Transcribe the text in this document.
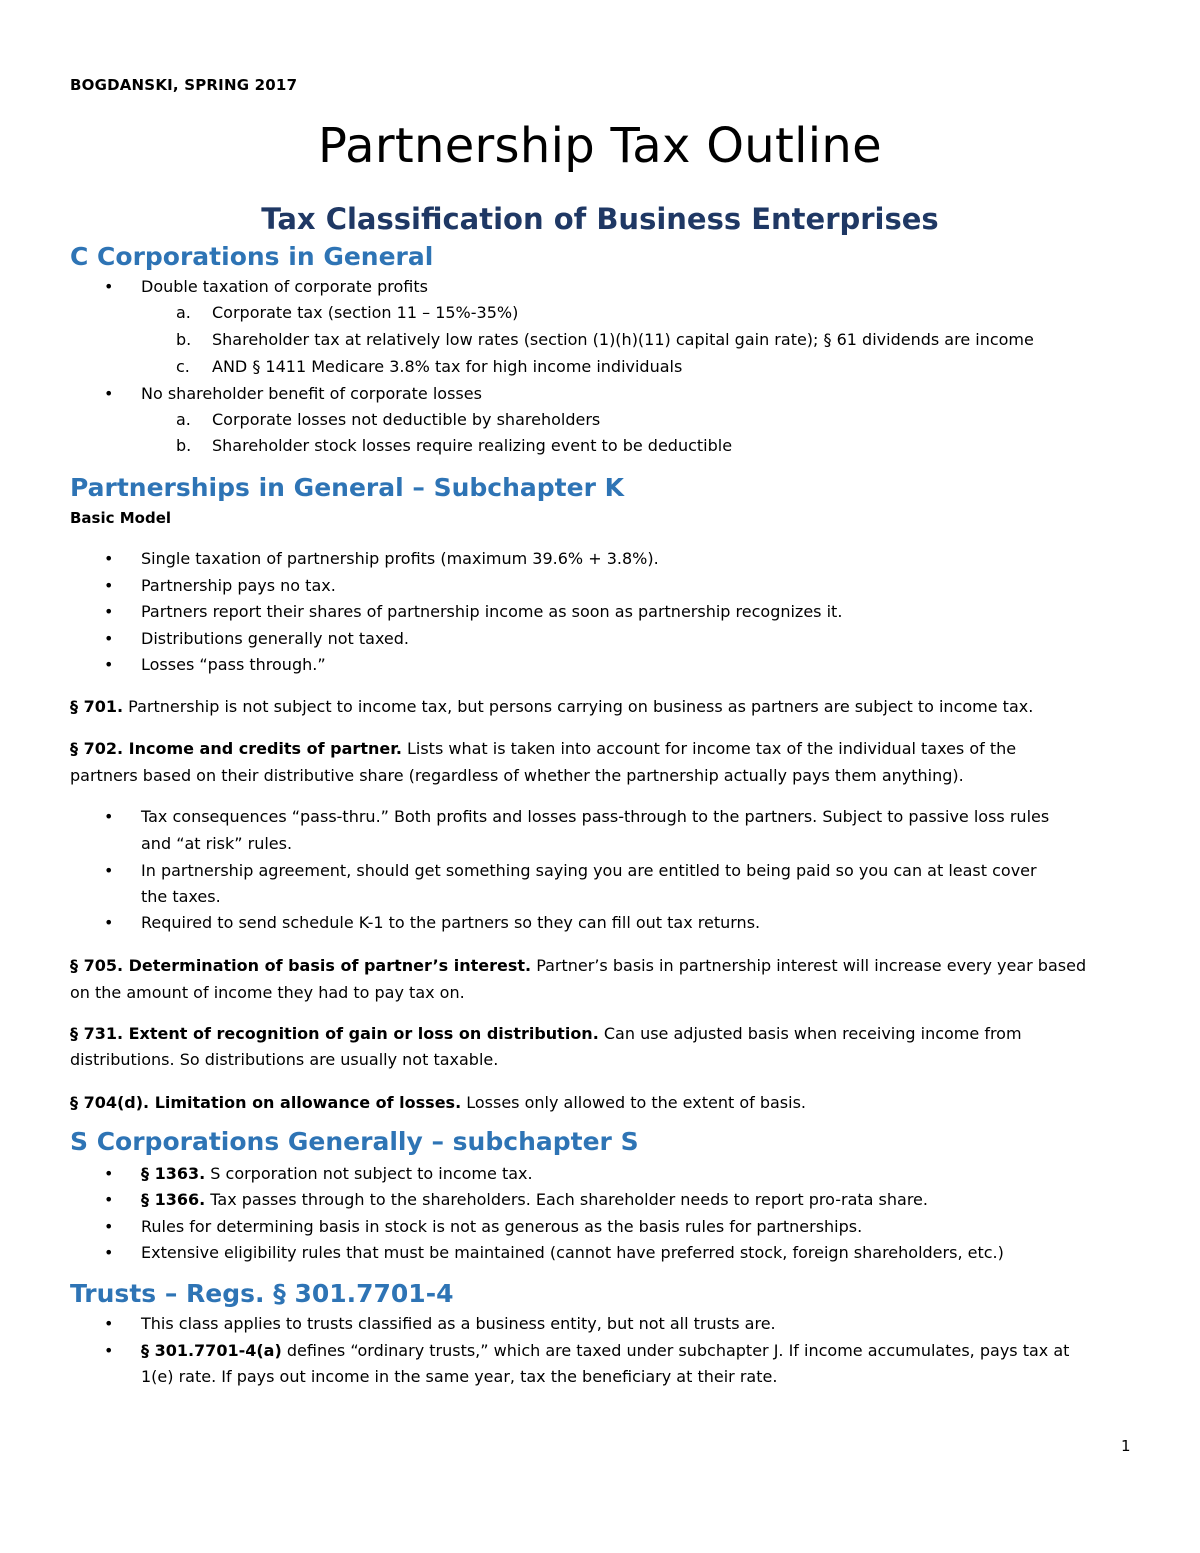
BOGDANSKI, SPRING 2017
Partnership Tax Outline
Tax Classification of Business Enterprises
C Corporations in General
Double taxation of corporate profits
a. Corporate tax (section 11 – 15%-35%)
b. Shareholder tax at relatively low rates (section (1)(h)(11) capital gain rate); § 61 dividends are income
c. AND § 1411 Medicare 3.8% tax for high income individuals
No shareholder benefit of corporate losses
a. Corporate losses not deductible by shareholders
b. Shareholder stock losses require realizing event to be deductible
Partnerships in General – Subchapter K
Basic Model
Single taxation of partnership profits (maximum 39.6% + 3.8%).
Partnership pays no tax.
Partners report their shares of partnership income as soon as partnership recognizes it.
Distributions generally not taxed.
Losses “pass through.”
§ 701. Partnership is not subject to income tax, but persons carrying on business as partners are subject to income tax.
§ 702. Income and credits of partner. Lists what is taken into account for income tax of the individual taxes of the
partners based on their distributive share (regardless of whether the partnership actually pays them anything).
Tax consequences “pass-thru.” Both profits and losses pass-through to the partners. Subject to passive loss rules
and “at risk” rules.
In partnership agreement, should get something saying you are entitled to being paid so you can at least cover
the taxes.
Required to send schedule K-1 to the partners so they can fill out tax returns.
§ 705. Determination of basis of partner’s interest. Partner’s basis in partnership interest will increase every year based
on the amount of income they had to pay tax on.
§ 731. Extent of recognition of gain or loss on distribution. Can use adjusted basis when receiving income from
distributions. So distributions are usually not taxable.
§ 704(d). Limitation on allowance of losses. Losses only allowed to the extent of basis.
S Corporations Generally – subchapter S
§ 1363. S corporation not subject to income tax.
§ 1366. Tax passes through to the shareholders. Each shareholder needs to report pro-rata share.
Rules for determining basis in stock is not as generous as the basis rules for partnerships.
Extensive eligibility rules that must be maintained (cannot have preferred stock, foreign shareholders, etc.)
Trusts – Regs. § 301.7701-4
This class applies to trusts classified as a business entity, but not all trusts are.
§ 301.7701-4(a) defines “ordinary trusts,” which are taxed under subchapter J. If income accumulates, pays tax at
1(e) rate. If pays out income in the same year, tax the beneficiary at their rate.
1
